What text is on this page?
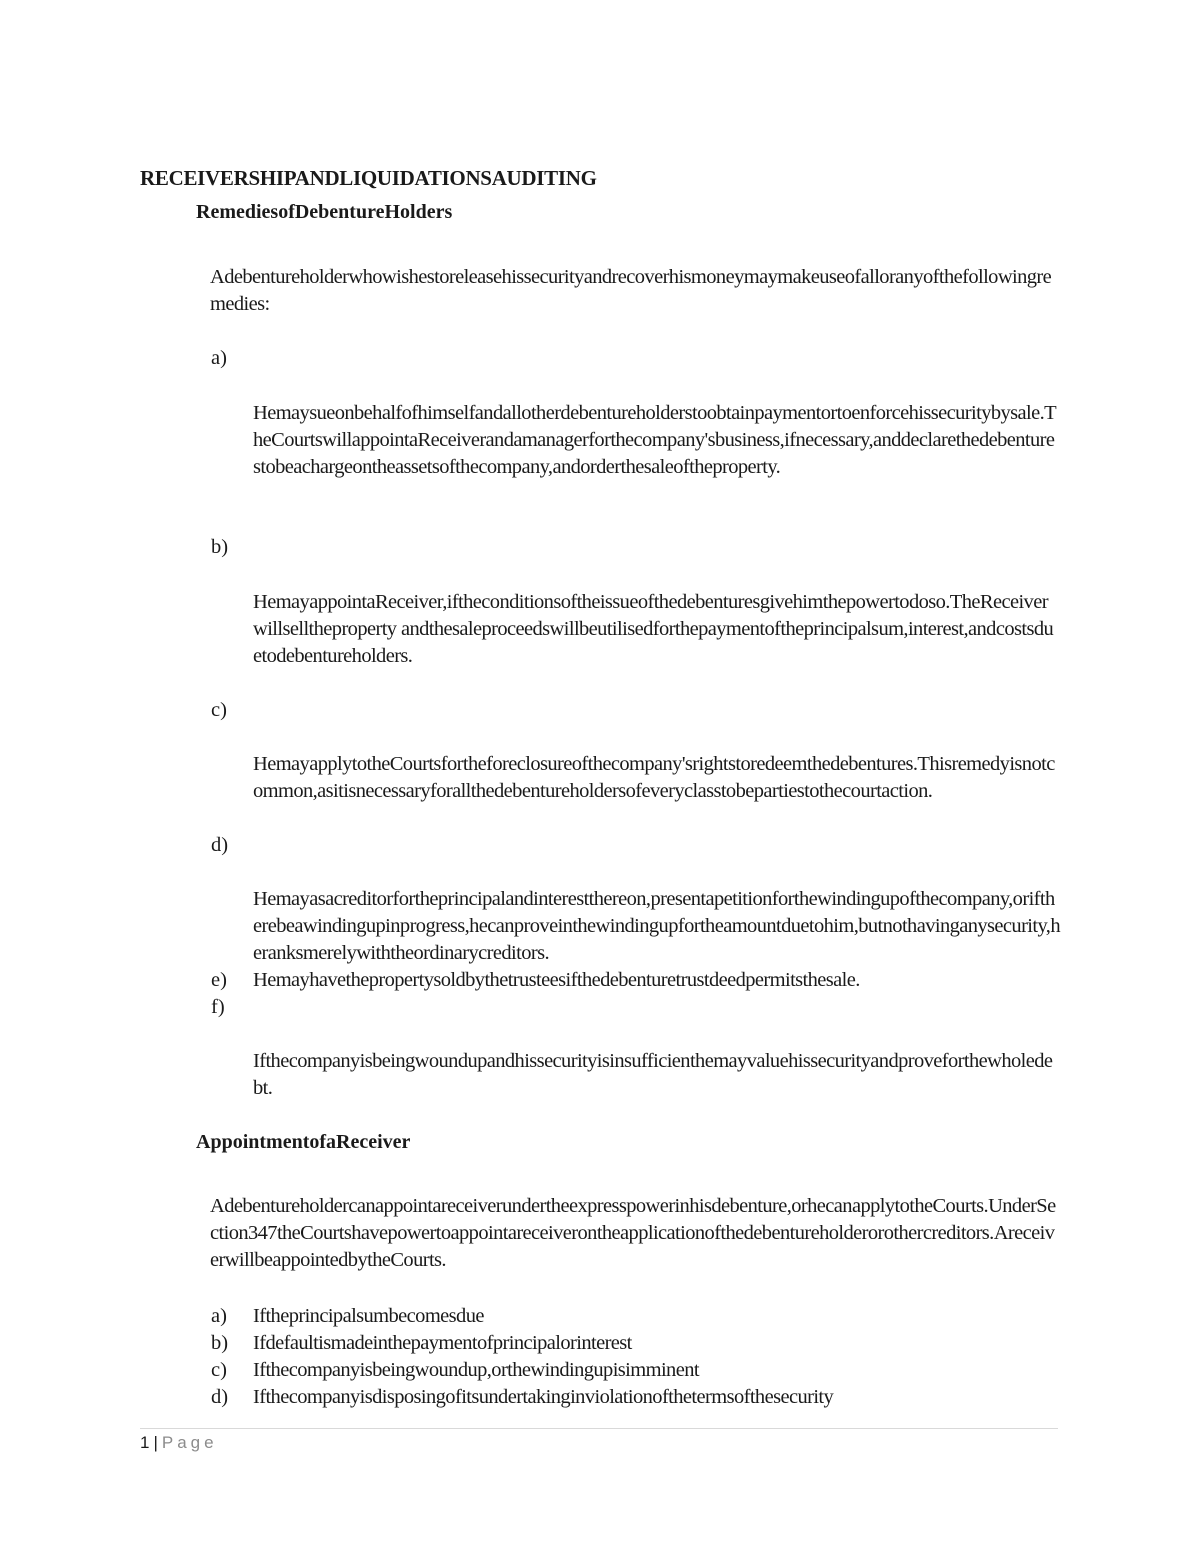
RECEIVERSHIPANDLIQUIDATIONSAUDITING
RemediesofDebentureHolders
Adebentureholderwhowishestoreleasehissecurityandrecoverhismoneymaymakeuseofalloranyofthefollowingremedies:
a)
Hemaysueonbehalfofhimselfandallotherdebentureholderstoobtainpaymentortoenforcehissecuritybysale.TheCourtswillappointaReceiverandamanagerforthecompany'sbusiness,ifnecessary,anddeclarethedebenturestobeachargeontheassetsofthecompany,andorderthesaleoftheproperty.
b)
HemayappointaReceiver,iftheconditionsoftheissueofthedebenturesgivehimthepowertodoso.TheReceiverwillselltheproperty andthesaleproceedswillbeutilisedforthepaymentoftheprincipalsum,interest,andcostsduetodebentureholders.
c)
HemayapplytotheCourtsfortheforeclosureofthecompany'srightstoredeemthedebentures.Thisremedyisnotcommon,asitisnecessaryforallthedebentureholdersofeveryclasstobepartiestothecourtaction.
d)
Hemayasacreditorfortheprincipalandinterestthereon,presentapetitionforthewindingupofthecompany,oriftherebeawindingupinprogress,hecanproveinthewindingupfortheamountduetohim,butnothavinganysecurity,heranksmerelywiththeordinarycreditors.
e) Hemayhavethepropertysoldbythetrusteesifthedebenturetrustdeedpermitsthesale.
f)
Ifthecompanyisbeingwoundupandhissecurityisinsufficienthemayvaluehissecurityandproveforthewholedebt.
AppointmentofaReceiver
Adebentureholdercanappointareceiverundertheexpresspowerinhisdebenture,orhecanapplytotheCourts.UnderSection347theCourtshavepowertoappointareceiverontheapplicationofthedebentureholderorothercreditors.AreceiverwillbeappointedbytheCourts.
a) Iftheprincipalsumbecomesdue
b) Ifdefaultismadeinthepaymentofprincipalorinterest
c) Ifthecompanyisbeingwoundup,orthewindingupisimminent
d) Ifthecompanyisdisposingofitsundertakinginviolationofthetermsofthesecurity
1 | Page
